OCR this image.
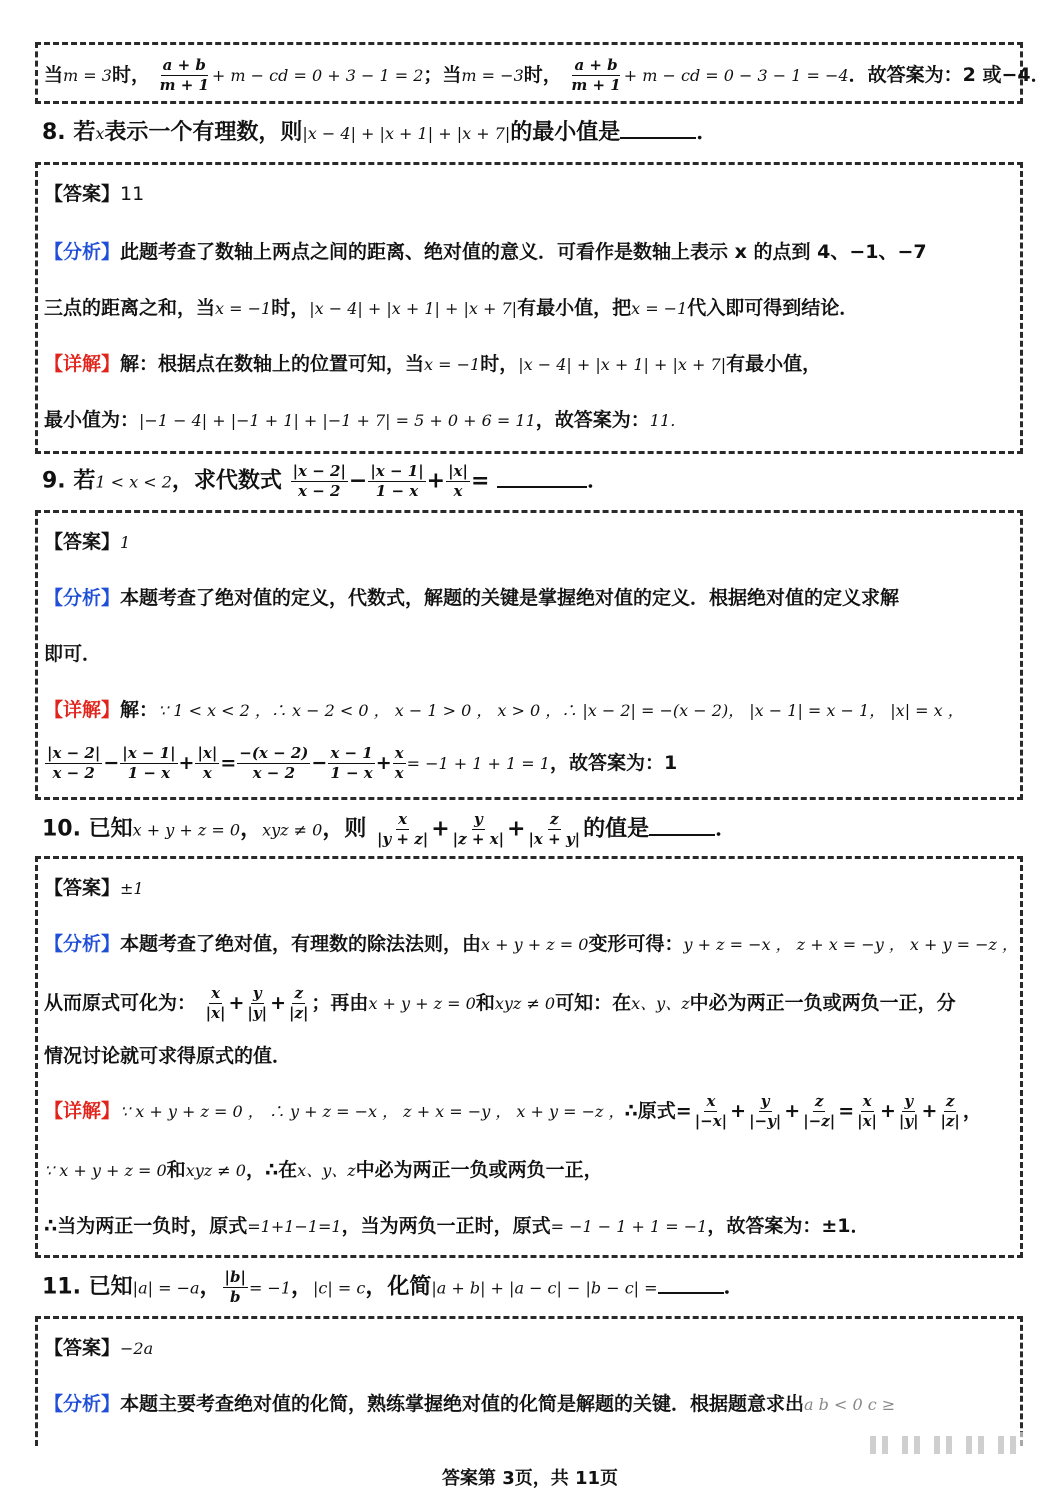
当m = 3时， $\frac{a + b}{m + 1} + m$ − cd = 0 + 3 − 1 = 2；当m = −3时， $\frac{a + b}{m + 1} + m$ − cd = 0 − 3 − 1 = −4．故答案为：2 或−4．
8. 若x表示一个有理数，则|x − 4| + |x + 1| + |x + 7|的最小值是	．
【答案】11
【分析】此题考查了数轴上两点之间的距离、绝对值的意义．可看作是数轴上表示 x 的点到 4、−1、−7
三点的距离之和，当x = −1时，|x − 4| + |x + 1| + |x + 7|有最小值，把x = −1代入即可得到结论．
【详解】解：根据点在数轴上的位置可知，当x = −1时，|x − 4| + |x + 1| + |x + 7|有最小值，
最小值为：|−1 − 4| + |−1 + 1| + |−1 + 7| = 5 + 0 + 6 = 11，故答案为：11．
9. 若1 < x < 2，求代数式 $\frac{|x - 2|}{x - 2} - \frac{|x - 1|}{1 - x} + \frac{|x|}{x}$ =	．
【答案】1
【分析】本题考查了绝对值的定义，代数式，解题的关键是掌握绝对值的定义．根据绝对值的定义求解
即可．
【详解】解：∵ 1 < x < 2 ，∴ x − 2 < 0 ， x − 1 > 0 ， x > 0 ，∴ |x − 2| = −(x − 2)， |x − 1| = x − 1， |x| = x ，
$\frac{|x - 2|}{x - 2} - \frac{|x - 1|}{1 - x} + \frac{|x|}{x} = \frac{-(x - 2)}{x - 2} - \frac{x - 1}{1 - x} + \frac{x}{x} = -1 + 1 + 1 = 1$，故答案为：1
10. 已知x + y + z = 0，xyz ≠ 0，则 $\frac{x}{|y + z|} + \frac{y}{|z + x|} + \frac{z}{|x + y|}$ 的值是	．
【答案】±1
【分析】本题考查了绝对值，有理数的除法法则，由x + y + z = 0变形可得：y + z = −x ， z + x = −y ， x + y = −z ，
从而原式可化为： $\frac{x}{|x|} + \frac{y}{|y|} + \frac{z}{|z|}$ ；再由x + y + z = 0和xyz ≠ 0可知：在x、y、z中必为两正一负或两负一正，分
情况讨论就可求得原式的值．
【详解】∵ x + y + z = 0 ， ∴ y + z = −x ， z + x = −y ， x + y = −z ，∴原式= $\frac{x}{|-x|} + \frac{y}{|-y|} + \frac{z}{|-z|} = \frac{x}{|x|} + \frac{y}{|y|} + \frac{z}{|z|}$ ，
∵ x + y + z = 0和xyz ≠ 0，∴在x、y、z中必为两正一负或两负一正，
∴当为两正一负时，原式=1+1−1=1，当为两负一正时，原式= −1 − 1 + 1 = −1，故答案为：±1．
11. 已知|a| = −a， $\frac{|b|}{b} = -1$，|c| = c，化简|a + b| + |a − c| − |b − c| =	．
【答案】−2a
【分析】本题主要考查绝对值的化简，熟练掌握绝对值的化简是解题的关键．根据题意求出a b < 0 c ≥
答案第 3页，共 11页
